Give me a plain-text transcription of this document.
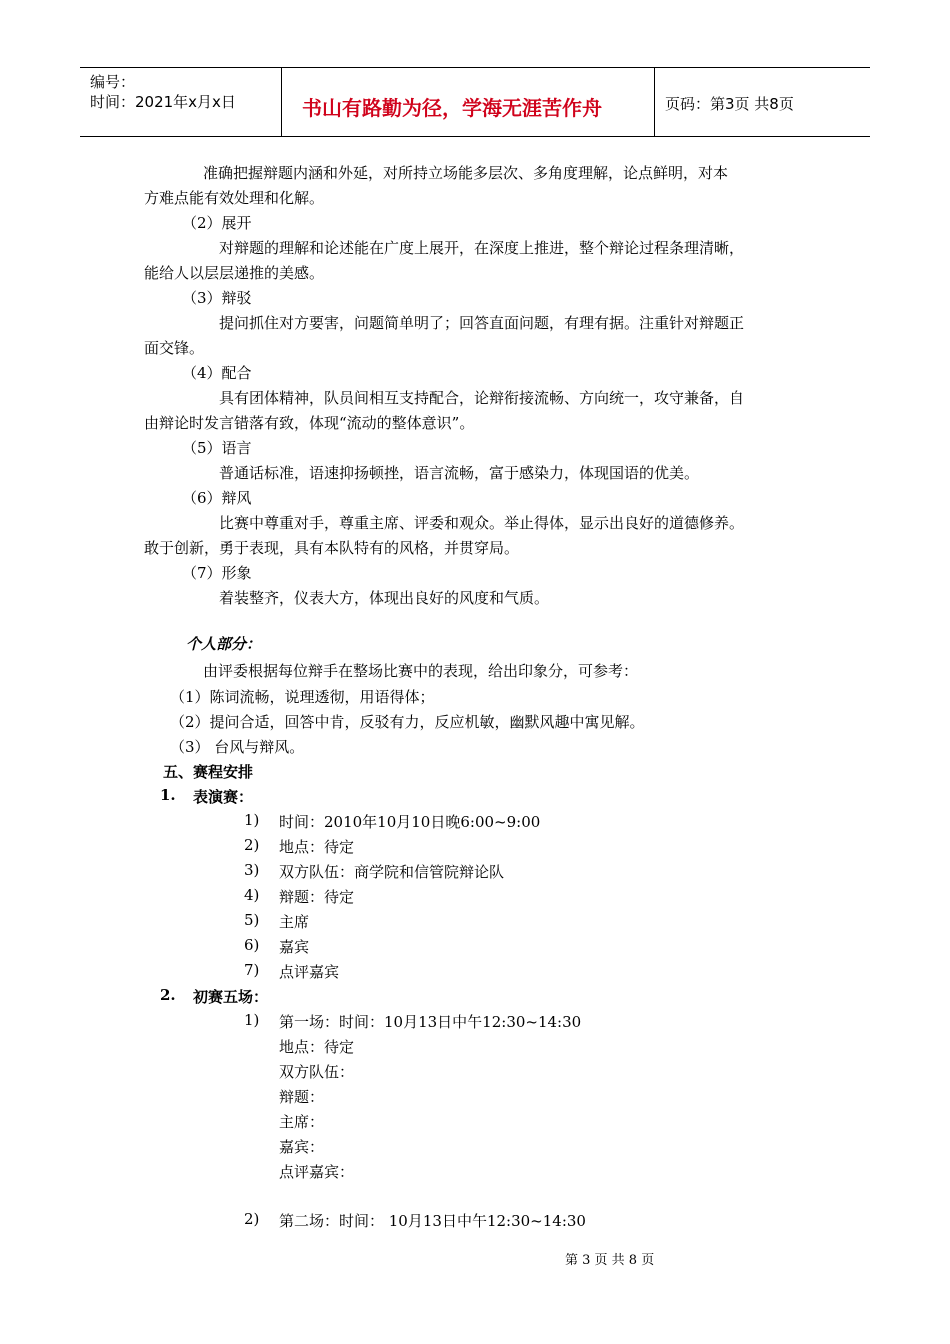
编号：
时间：2021年x月x日	书山有路勤为径，学海无涯苦作舟	页码：第3页 共8页
准确把握辩题内涵和外延，对所持立场能多层次、多角度理解，论点鲜明，对本
方难点能有效处理和化解。
（2）展开
对辩题的理解和论述能在广度上展开，在深度上推进，整个辩论过程条理清晰，
能给人以层层递推的美感。
（3）辩驳
提问抓住对方要害，问题简单明了；回答直面问题，有理有据。注重针对辩题正
面交锋。
（4）配合
具有团体精神，队员间相互支持配合，论辩衔接流畅、方向统一，攻守兼备，自
由辩论时发言错落有致，体现“流动的整体意识”。
（5）语言
普通话标准，语速抑扬顿挫，语言流畅，富于感染力，体现国语的优美。
（6）辩风
比赛中尊重对手，尊重主席、评委和观众。举止得体，显示出良好的道德修养。
敢于创新，勇于表现，具有本队特有的风格，并贯穿局。
（7）形象
着装整齐，仪表大方，体现出良好的风度和气质。
个人部分：
由评委根据每位辩手在整场比赛中的表现，给出印象分，可参考：
（1）陈词流畅，说理透彻，用语得体；
（2）提问合适，回答中肯，反驳有力，反应机敏，幽默风趣中寓见解。
（3） 台风与辩风。
五、赛程安排
1. 表演赛：
1) 时间：2010年10月10日晚6:00~9:00
2) 地点：待定
3) 双方队伍：商学院和信管院辩论队
4) 辩题：待定
5) 主席
6) 嘉宾
7) 点评嘉宾
2. 初赛五场：
1) 第一场：时间：10月13日中午12:30~14:30
地点：待定
双方队伍：
辩题：
主席：
嘉宾：
点评嘉宾：
2) 第二场：时间： 10月13日中午12:30~14:30
第 3 页 共 8 页
